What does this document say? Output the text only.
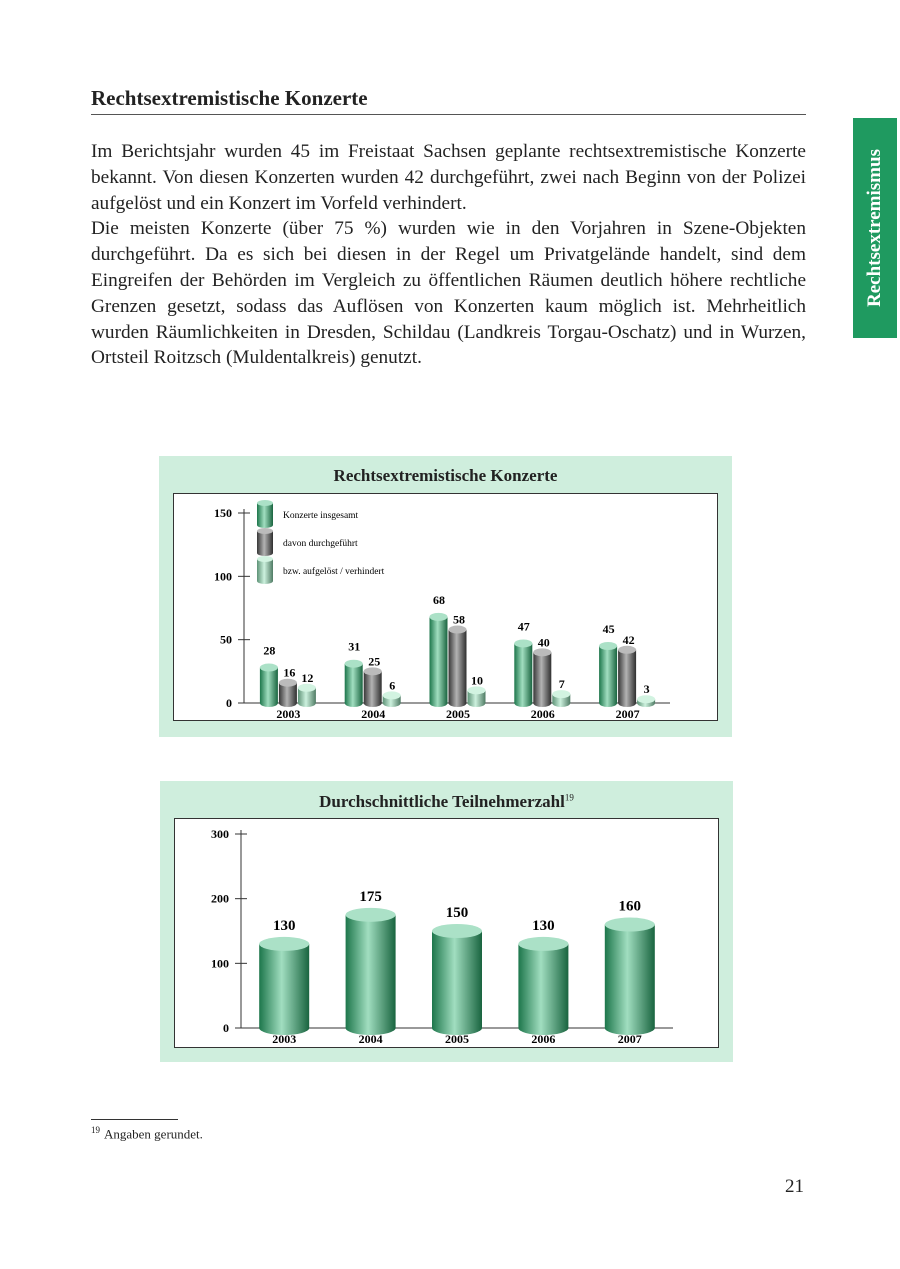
Rechtsextremistische Konzerte
Rechtsextremismus

Im Berichtsjahr wurden 45 im Freistaat Sachsen geplante rechtsextremistische Konzerte bekannt. Von diesen Konzerten wurden 42 durchgeführt, zwei nach Beginn von der Polizei aufgelöst und ein Konzert im Vorfeld verhindert.

Die meisten Konzerte (über 75 %) wurden wie in den Vorjahren in Szene-Objekten durchgeführt. Da es sich bei diesen in der Regel um Privatgelände handelt, sind dem Eingreifen der Behörden im Vergleich zu öffentlichen Räumen deutlich höhere rechtliche Grenzen gesetzt, sodass das Auflösen von Konzerten kaum möglich ist. Mehrheitlich wurden Räumlichkeiten in Dresden, Schildau (Landkreis Torgau-Oschatz) und in Wurzen, Ortsteil Roitzsch (Muldentalkreis) genutzt.

Rechtsextremistische Konzerte
0
50
100
150
28
16 12
2003
31
25
6
2004
68
58
10
2005
47
40
7
2006
45
42
3
2007
Konzerte insgesamt
davon durchgeführt
bzw. aufgelöst / verhindert
Durchschnittliche Teilnehmerzahl$^{19}$
0
100
200
300
130
2003
175
2004
150
2005
130
2006
160
2007

$^{19}$ Angaben gerundet.

21
